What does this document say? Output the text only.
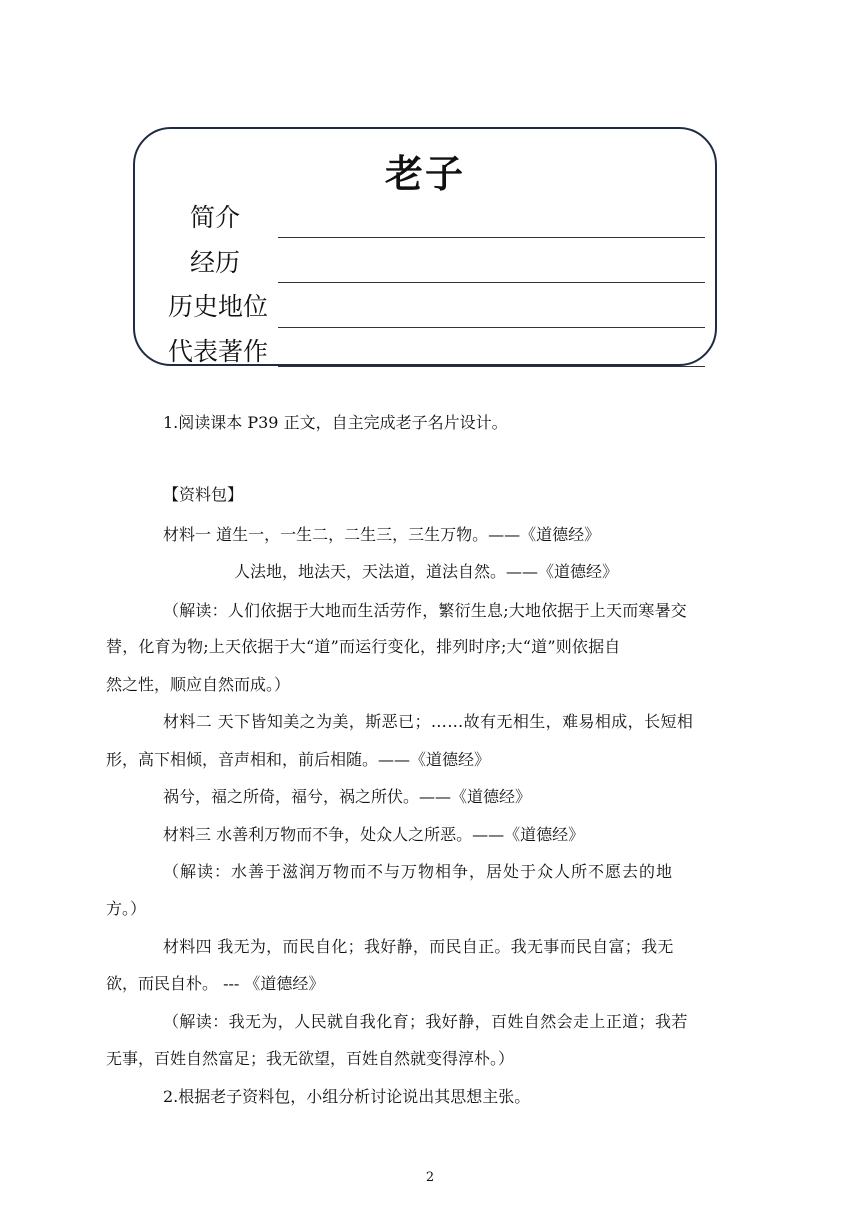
老子
简介
经历
历史地位
代表著作
1.阅读课本 P39 正文，自主完成老子名片设计。
【资料包】
材料一 道生一，一生二，二生三，三生万物。——《道德经》
人法地，地法天，天法道，道法自然。——《道德经》
（解读：人们依据于大地而生活劳作，繁衍生息;大地依据于上天而寒暑交
替，化育为物;上天依据于大“道”而运行变化，排列时序;大“道”则依据自
然之性，顺应自然而成。）
材料二 天下皆知美之为美，斯恶已；……故有无相生，难易相成，长短相
形，高下相倾，音声相和，前后相随。——《道德经》
祸兮，福之所倚，福兮，祸之所伏。——《道德经》
材料三 水善利万物而不争，处众人之所恶。——《道德经》
（解读：水善于滋润万物而不与万物相争，居处于众人所不愿去的地
方。）
材料四 我无为，而民自化；我好静，而民自正。我无事而民自富；我无
欲，而民自朴。 --- 《道德经》
（解读：我无为，人民就自我化育；我好静，百姓自然会走上正道；我若
无事，百姓自然富足；我无欲望，百姓自然就变得淳朴。）
2.根据老子资料包，小组分析讨论说出其思想主张。
2
